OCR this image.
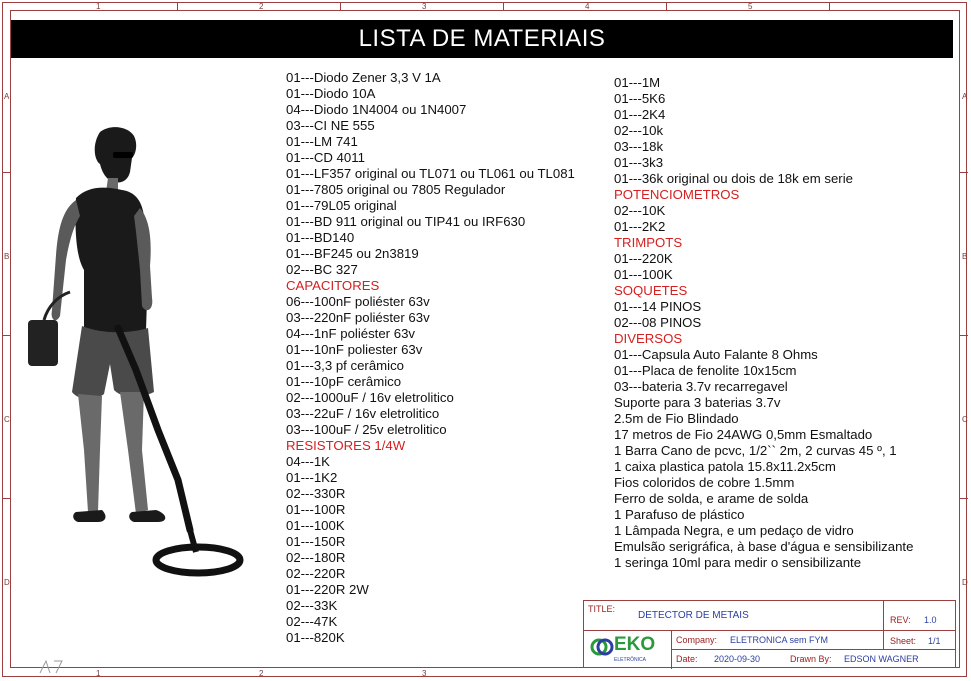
1	2	3	4	5
1	2	3
A
B
C
D
A
B
C
D
LISTA DE MATERIAIS
01---Diodo Zener 3,3 V 1A
01---Diodo 10A
04---Diodo 1N4004 ou 1N4007
03---CI NE 555
01---LM 741
01---CD 4011
01---LF357 original ou TL071 ou TL061 ou TL081
01---7805 original ou 7805 Regulador
01---79L05 original
01---BD 911 original ou TIP41 ou IRF630
01---BD140
01---BF245 ou 2n3819
02---BC 327
CAPACITORES
06---100nF poliéster 63v
03---220nF poliéster 63v
04---1nF poliéster 63v
01---10nF poliester 63v
01---3,3 pf cerâmico
01---10pF cerâmico
02---1000uF / 16v eletrolitico
03---22uF / 16v eletrolitico
03---100uF / 25v eletrolitico
RESISTORES 1/4W
04---1K
01---1K2
02---330R
01---100R
01---100K
01---150R
02---180R
02---220R
01---220R 2W
02---33K
02---47K
01---820K
01---1M
01---5K6
01---2K4
02---10k
03---18k
01---3k3
01---36k original ou dois de 18k em serie
POTENCIOMETROS
02---10K
01---2K2
TRIMPOTS
01---220K
01---100K
SOQUETES
01---14 PINOS
02---08 PINOS
DIVERSOS
01---Capsula Auto Falante 8 Ohms
01---Placa de fenolite 10x15cm
03---bateria 3.7v recarregavel
Suporte para 3 baterias 3.7v
2.5m de Fio Blindado
17 metros de Fio 24AWG 0,5mm Esmaltado
1 Barra Cano de pcvc, 1/2`` 2m, 2 curvas 45 º, 1
1 caixa plastica patola 15.8x11.2x5cm
Fios coloridos de cobre 1.5mm
Ferro de solda, e arame de solda
1 Parafuso de plástico
1 Lâmpada Negra, e um pedaço de vidro
Emulsão serigráfica, à base d'água e sensibilizante
1 seringa 10ml para medir o sensibilizante
TITLE:
DETECTOR DE METAIS	REV: 1.0
EKO
ELETRÔNICA
Company: ELETRONICA sem FYM	Sheet: 1/1
Date: 2020-09-30	Drawn By: EDSON WAGNER
